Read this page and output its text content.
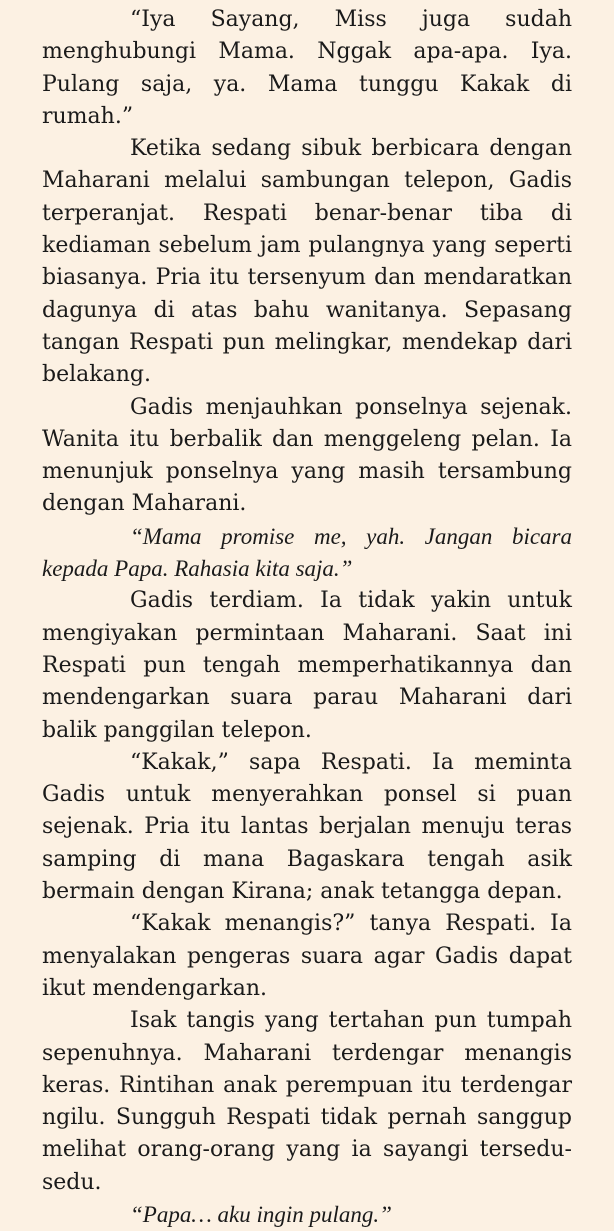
“Iya Sayang, Miss juga sudah menghubungi Mama. Nggak apa-apa. Iya. Pulang saja, ya. Mama tunggu Kakak di rumah.”

Ketika sedang sibuk berbicara dengan Maharani melalui sambungan telepon, Gadis terperanjat. Respati benar-benar tiba di kediaman sebelum jam pulangnya yang seperti biasanya. Pria itu tersenyum dan mendaratkan dagunya di atas bahu wanitanya. Sepasang tangan Respati pun melingkar, mendekap dari belakang.

Gadis menjauhkan ponselnya sejenak. Wanita itu berbalik dan menggeleng pelan. Ia menunjuk ponselnya yang masih tersambung dengan Maharani.

“Mama promise me, yah. Jangan bicara kepada Papa. Rahasia kita saja.”

Gadis terdiam. Ia tidak yakin untuk mengiyakan permintaan Maharani. Saat ini Respati pun tengah memperhatikannya dan mendengarkan suara parau Maharani dari balik panggilan telepon.

“Kakak,” sapa Respati. Ia meminta Gadis untuk menyerahkan ponsel si puan sejenak. Pria itu lantas berjalan menuju teras samping di mana Bagaskara tengah asik bermain dengan Kirana; anak tetangga depan.

“Kakak menangis?” tanya Respati. Ia menyalakan pengeras suara agar Gadis dapat ikut mendengarkan.

Isak tangis yang tertahan pun tumpah sepenuhnya. Maharani terdengar menangis keras. Rintihan anak perempuan itu terdengar ngilu. Sungguh Respati tidak pernah sanggup melihat orang-orang yang ia sayangi tersedu-sedu.

“Papa… aku ingin pulang.”
